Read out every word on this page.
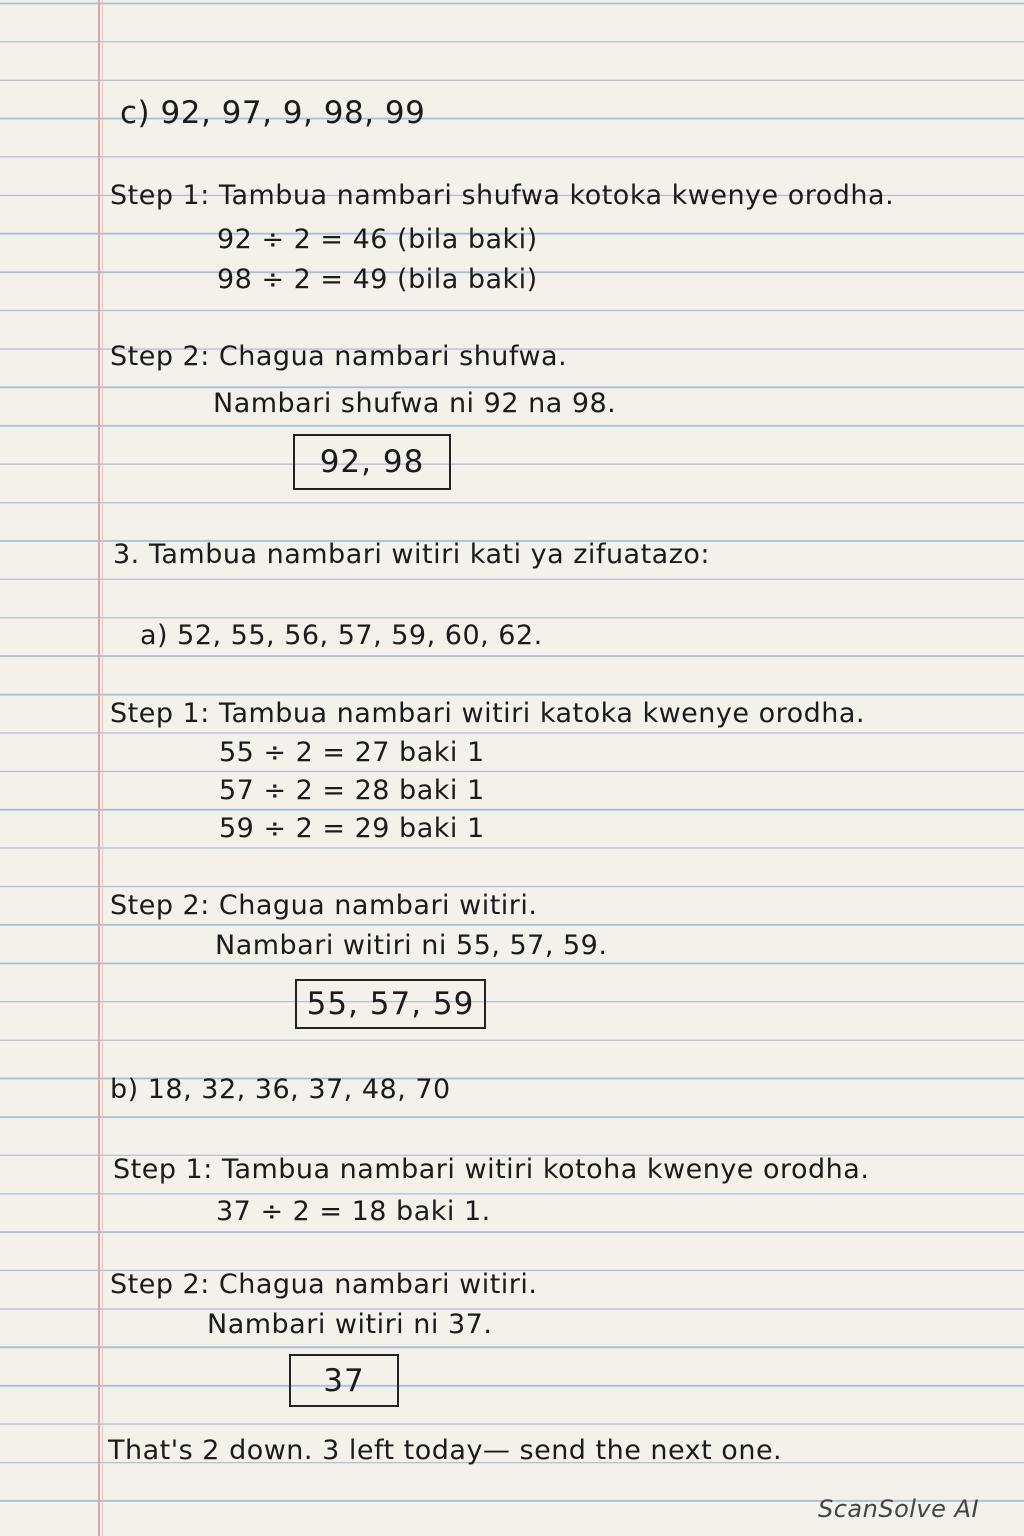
c) 92, 97, 9, 98, 99
Step 1: Tambua nambari shufwa kotoka kwenye orodha.
92 ÷ 2 = 46 (bila baki)
98 ÷ 2 = 49 (bila baki)
Step 2: Chagua nambari shufwa.
Nambari shufwa ni 92 na 98.
92, 98
3. Tambua nambari witiri kati ya zifuatazo:
a) 52, 55, 56, 57, 59, 60, 62.
Step 1: Tambua nambari witiri katoka kwenye orodha.
55 ÷ 2 = 27 baki 1
57 ÷ 2 = 28 baki 1
59 ÷ 2 = 29 baki 1
Step 2: Chagua nambari witiri.
Nambari witiri ni 55, 57, 59.
55, 57, 59
b) 18, 32, 36, 37, 48, 70
Step 1: Tambua nambari witiri kotoha kwenye orodha.
37 ÷ 2 = 18 baki 1.
Step 2: Chagua nambari witiri.
Nambari witiri ni 37.
37
That's 2 down. 3 left today— send the next one.
ScanSolve AI
